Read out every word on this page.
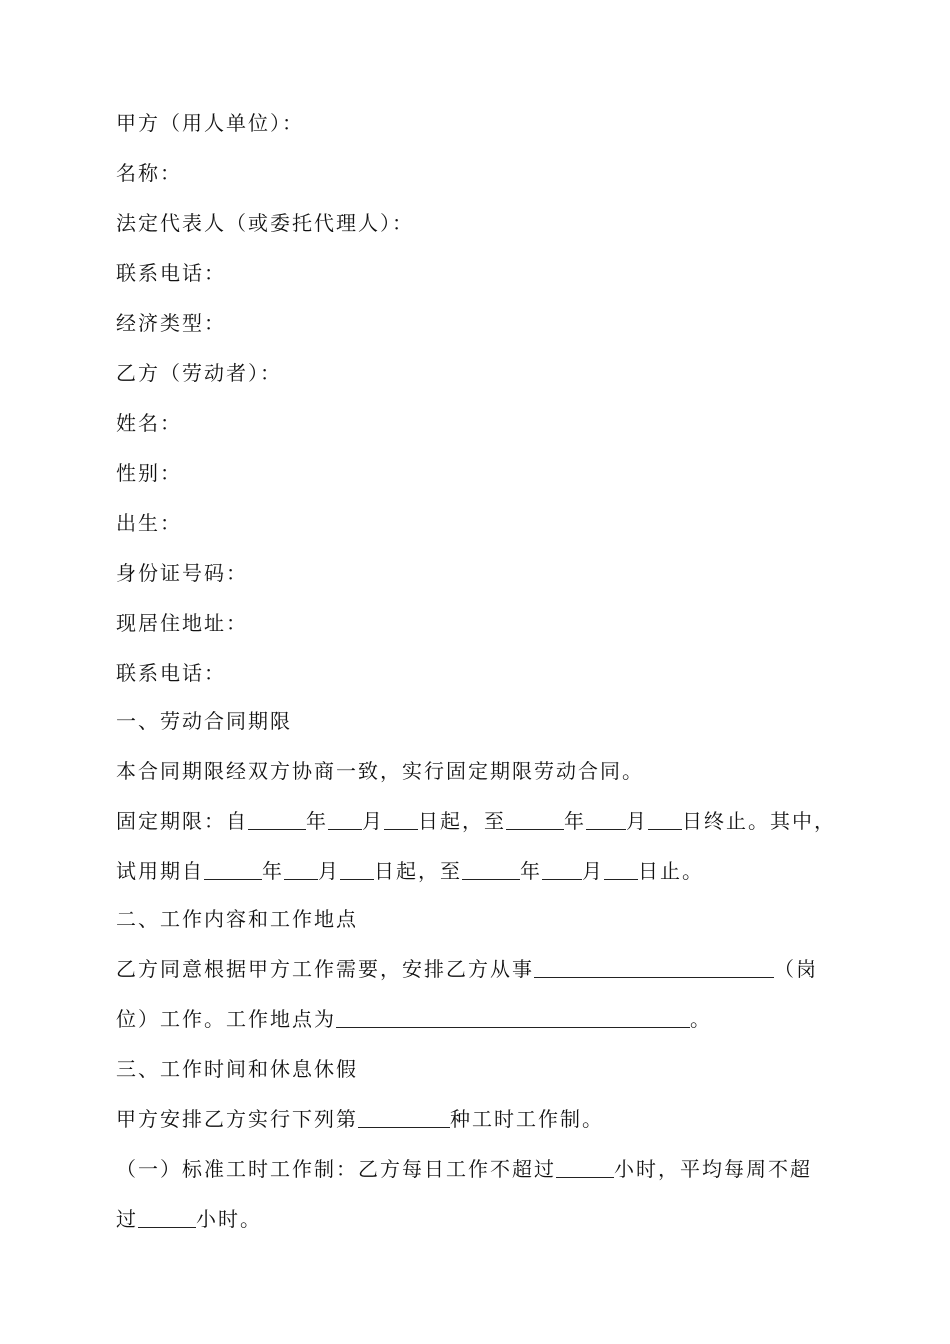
甲方（用人单位）：
名称：
法定代表人（或委托代理人）：
联系电话：
经济类型：
乙方（劳动者）：
姓名：
性别：
出生：
身份证号码：
现居住地址：
联系电话：
一、劳动合同期限
本合同期限经双方协商一致，实行固定期限劳动合同。
固定期限：自	年 月 日起，至	年 月 日终止。其中，
试用期自	年 月 日起，至	年 月 日止。
二、工作内容和工作地点
乙方同意根据甲方工作需要，安排乙方从事	（岗
位）工作。工作地点为	。
三、工作时间和休息休假
甲方安排乙方实行下列第	种工时工作制。
（一）标准工时工作制：乙方每日工作不超过	小时，平均每周不超
过	小时。
